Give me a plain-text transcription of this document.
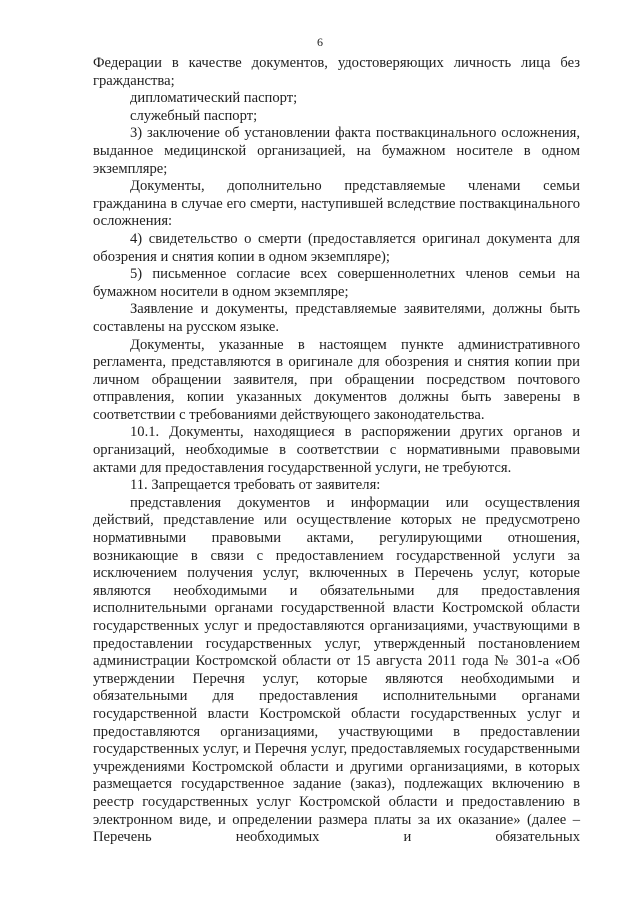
6

Федерации в качестве документов, удостоверяющих личность лица без гражданства;

дипломатический паспорт;

служебный паспорт;

3) заключение об установлении факта поствакцинального осложнения, выданное медицинской организацией, на бумажном носителе в одном экземпляре;

Документы, дополнительно представляемые членами семьи гражданина в случае его смерти, наступившей вследствие поствакцинального осложнения:

4) свидетельство о смерти (предоставляется оригинал документа для обозрения и снятия копии в одном экземпляре);

5) письменное согласие всех совершеннолетних членов семьи на бумажном носители в одном экземпляре;

Заявление и документы, представляемые заявителями, должны быть составлены на русском языке.

Документы, указанные в настоящем пункте административного регламента, представляются в оригинале для обозрения и снятия копии при личном обращении заявителя, при обращении посредством почтового отправления, копии указанных документов должны быть заверены в соответствии с требованиями действующего законодательства.

10.1. Документы, находящиеся в распоряжении других органов и организаций, необходимые в соответствии с нормативными правовыми актами для предоставления государственной услуги, не требуются.

11. Запрещается требовать от заявителя:

представления документов и информации или осуществления действий, представление или осуществление которых не предусмотрено нормативными правовыми актами, регулирующими отношения, возникающие в связи с предоставлением государственной услуги за исключением получения услуг, включенных в Перечень услуг, которые являются необходимыми и обязательными для предоставления исполнительными органами государственной власти Костромской области государственных услуг и предоставляются организациями, участвующими в предоставлении государственных услуг, утвержденный постановлением администрации Костромской области от 15 августа 2011 года № 301-а «Об утверждении Перечня услуг, которые являются необходимыми и обязательными для предоставления исполнительными органами государственной власти Костромской области государственных услуг и предоставляются организациями, участвующими в предоставлении государственных услуг, и Перечня услуг, предоставляемых государственными учреждениями Костромской области и другими организациями, в которых размещается государственное задание (заказ), подлежащих включению в реестр государственных услуг Костромской области и предоставлению в электронном виде, и определении размера платы за их оказание» (далее – Перечень необходимых и обязательных
